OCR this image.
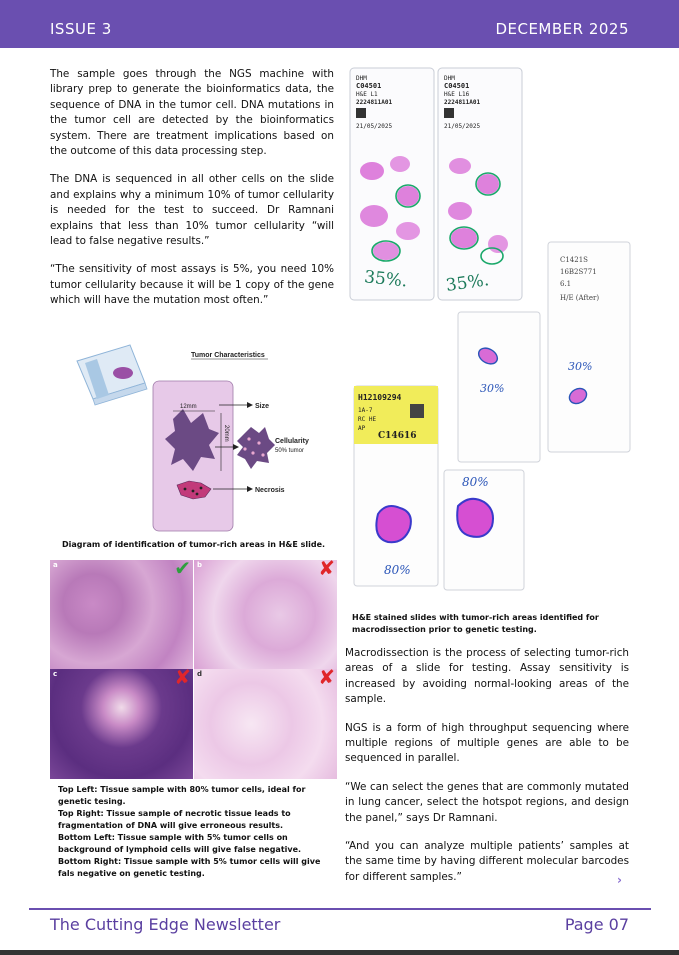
ISSUE 3	DECEMBER 2025

The sample goes through the NGS machine with library prep to generate the bioinformatics data, the sequence of DNA in the tumor cell. DNA mutations in the tumor cell are detected by the bioinformatics system. There are treatment implications based on the outcome of this data processing step.

The DNA is sequenced in all other cells on the slide and explains why a minimum 10% of tumor cellularity is needed for the test to succeed. Dr Ramnani explains that less than 10% tumor cellularity “will lead to false negative results.”

“The sensitivity of most assays is 5%, you need 10% tumor cellularity because it will be 1 copy of the gene which will have the mutation most often.”

Tumor Characteristics
12mm
20mm
Size
Cellularity
50% tumor
Necrosis
Diagram of identification of tumor-rich areas in H&E slide.
a	✔ b	✘
c	✘ d	✘
Top Left: Tissue sample with 80% tumor cells, ideal for genetic tesing.
Top Right: Tissue sample of necrotic tissue leads to fragmentation of DNA will give erroneous results.
Bottom Left: Tissue sample with 5% tumor cells on background of lymphoid cells will give false negative.
Bottom Right: Tissue sample with 5% tumor cells will give fals negative on genetic testing.
DHM
C04501
H&E L1
2224811A01
21/05/2025
35%.
DHM
C04501
H&E L16
2224811A01
21/05/2025
35%.
C1421S
16B2S771
6.1
H/E (After)
30%
30%
H12109294
1A-7
RC HE
AP
C14616
80%
80%
H&E stained slides with tumor-rich areas identified for macrodissection prior to genetic testing.

Macrodissection is the process of selecting tumor-rich areas of a slide for testing. Assay sensitivity is increased by avoiding normal-looking areas of the sample.

NGS is a form of high throughput sequencing where multiple regions of multiple genes are able to be sequenced in parallel.

“We can select the genes that are commonly mutated in lung cancer, select the hotspot regions, and design the panel,” says Dr Ramnani.

“And you can analyze multiple patients’ samples at the same time by having different molecular barcodes for different samples.”	›
The Cutting Edge Newsletter	Page 07
